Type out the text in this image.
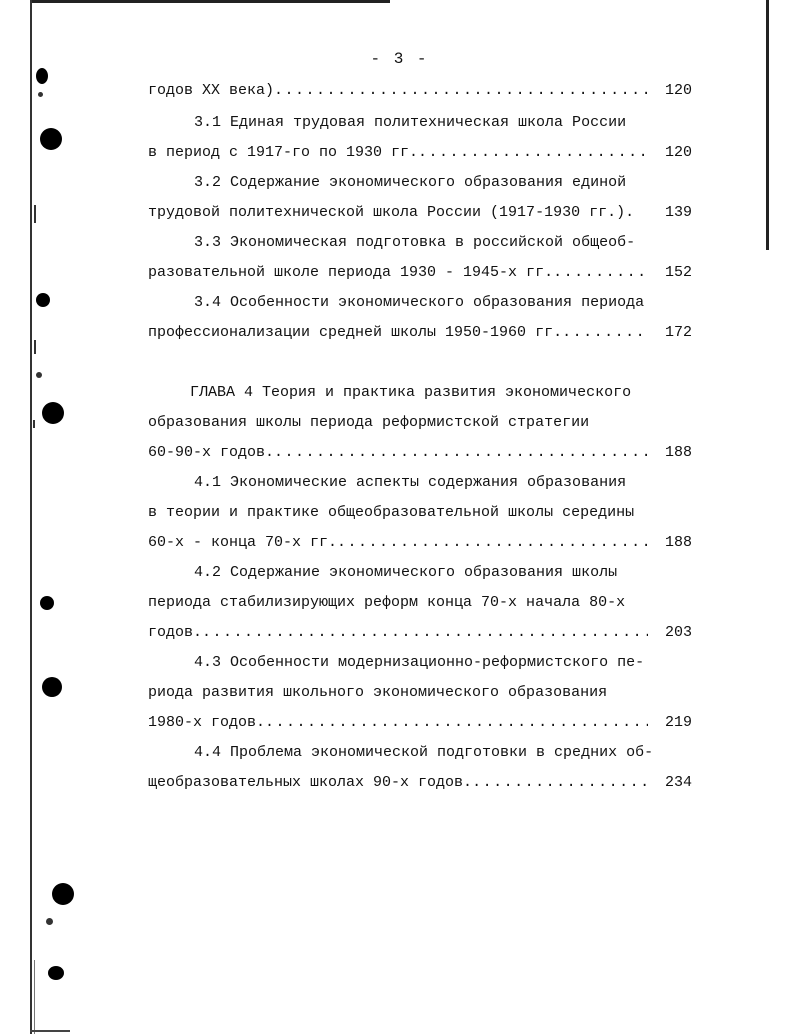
- 3 -
годов XX века) .....	120
3.1 Единая трудовая политехническая школа России
в период с 1917-го по 1930 гг. .....	120
3.2 Содержание экономического образования единой
трудовой политехнической школа России (1917-1930 гг.).	139
3.3 Экономическая подготовка в российской общеоб-
разовательной школе периода 1930 - 1945-х гг. .....	152
3.4 Особенности экономического образования периода
профессионализации средней школы 1950-1960 гг. .....	172
ГЛАВА 4 Теория и практика развития экономического
образования школы периода реформистской стратегии
60-90-х годов. .....	188
4.1 Экономические аспекты содержания образования
в теории и практике общеобразовательной школы середины
60-х - конца 70-х гг. .....	188
4.2 Содержание экономического образования школы
периода стабилизирующих реформ конца 70-х начала 80-х
годов. .....	203
4.3 Особенности модернизационно-реформистского пе-
риода развития школьного экономического образования
1980-х годов. .....	219
4.4 Проблема экономической подготовки в средних об-
щеобразовательных школах 90-х годов. .....	234
